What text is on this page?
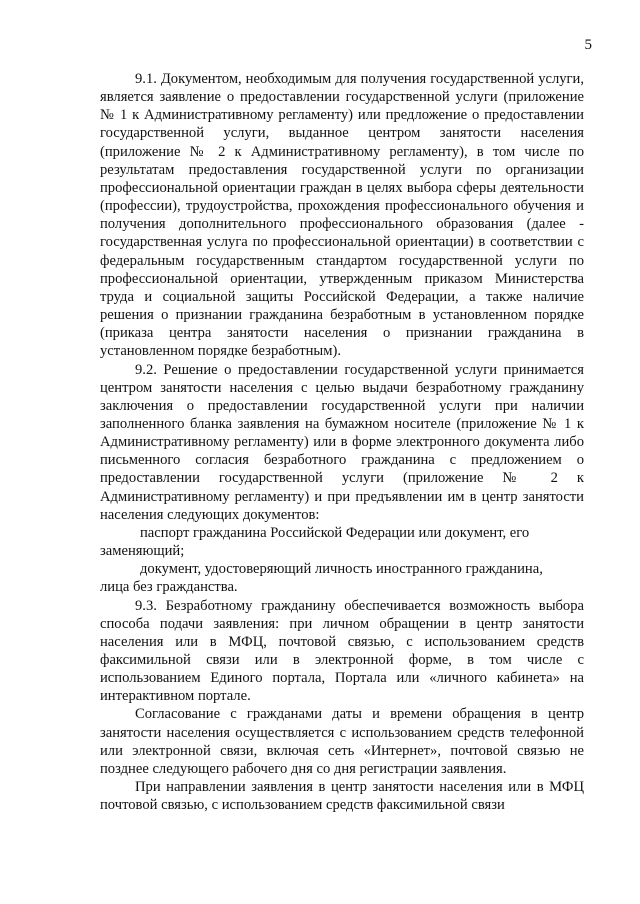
5

9.1. Документом, необходимым для получения государственной услуги, является заявление о предоставлении государственной услуги (приложение № 1 к Административному регламенту) или предложение о предоставлении государственной услуги, выданное центром занятости населения (приложение № 2 к Административному регламенту), в том числе по результатам предоставления государственной услуги по организации профессиональной ориентации граждан в целях выбора сферы деятельности (профессии), трудоустройства, прохождения профессионального обучения и получения дополнительного профессионального образования (далее - государственная услуга по профессиональной ориентации) в соответствии с федеральным государственным стандартом государственной услуги по профессиональной ориентации, утвержденным приказом Министерства труда и социальной защиты Российской Федерации, а также наличие решения о признании гражданина безработным в установленном порядке (приказа центра занятости населения о признании гражданина в установленном порядке безработным).

9.2. Решение о предоставлении государственной услуги принимается центром занятости населения с целью выдачи безработному гражданину заключения о предоставлении государственной услуги при наличии заполненного бланка заявления на бумажном носителе (приложение № 1 к Административному регламенту) или в форме электронного документа либо письменного согласия безработного гражданина с предложением о предоставлении государственной услуги (приложение № 2 к Административному регламенту) и при предъявлении им в центр занятости населения следующих документов:

паспорт гражданина Российской Федерации или документ, его

заменяющий;

документ, удостоверяющий личность иностранного гражданина,

лица без гражданства.

9.3. Безработному гражданину обеспечивается возможность выбора способа подачи заявления: при личном обращении в центр занятости населения или в МФЦ, почтовой связью, с использованием средств факсимильной связи или в электронной форме, в том числе с использованием Единого портала, Портала или «личного кабинета» на интерактивном портале.

Согласование с гражданами даты и времени обращения в центр занятости населения осуществляется с использованием средств телефонной или электронной связи, включая сеть «Интернет», почтовой связью не позднее следующего рабочего дня со дня регистрации заявления.

При направлении заявления в центр занятости населения или в МФЦ почтовой связью, с использованием средств факсимильной связи
